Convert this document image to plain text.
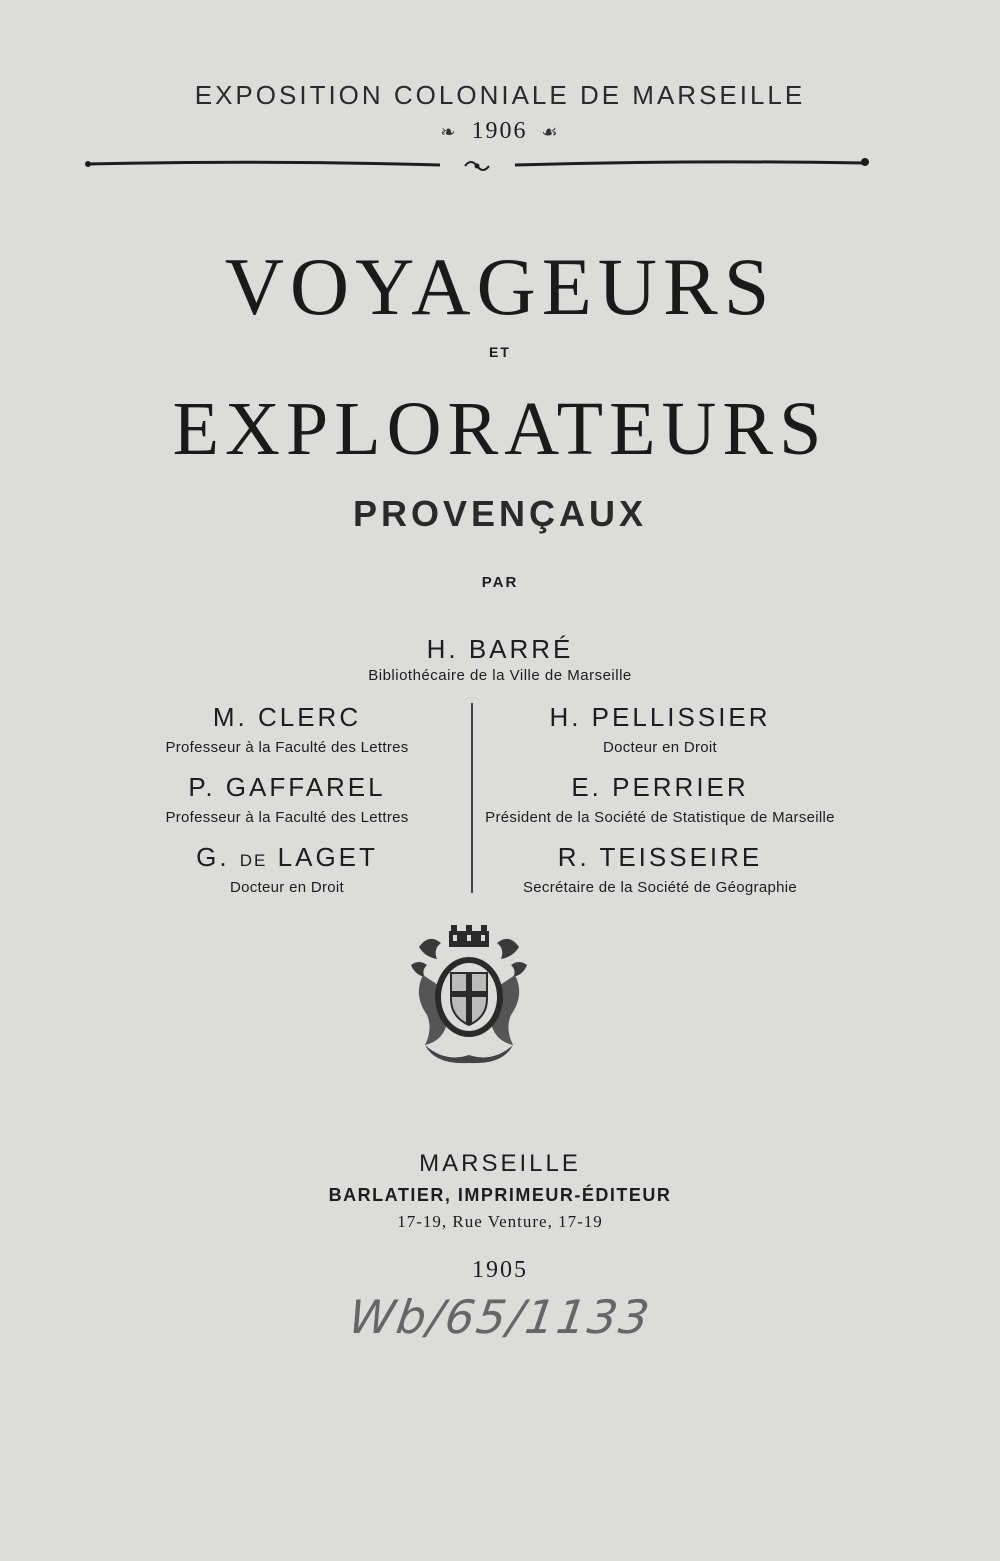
EXPOSITION COLONIALE DE MARSEILLE
❧ 1906 ☙
VOYAGEURS
ET
EXPLORATEURS
PROVENÇAUX
PAR
H. BARRÉ
Bibliothécaire de la Ville de Marseille
M. CLERC
Professeur à la Faculté des Lettres
P. GAFFAREL
Professeur à la Faculté des Lettres
G. DE LAGET
Docteur en Droit
H. PELLISSIER
Docteur en Droit
E. PERRIER
Président de la Société de Statistique de Marseille
R. TEISSEIRE
Secrétaire de la Société de Géographie
MARSEILLE
BARLATIER, IMPRIMEUR-ÉDITEUR
17-19, Rue Venture, 17-19
1905
Wb/65/1133
